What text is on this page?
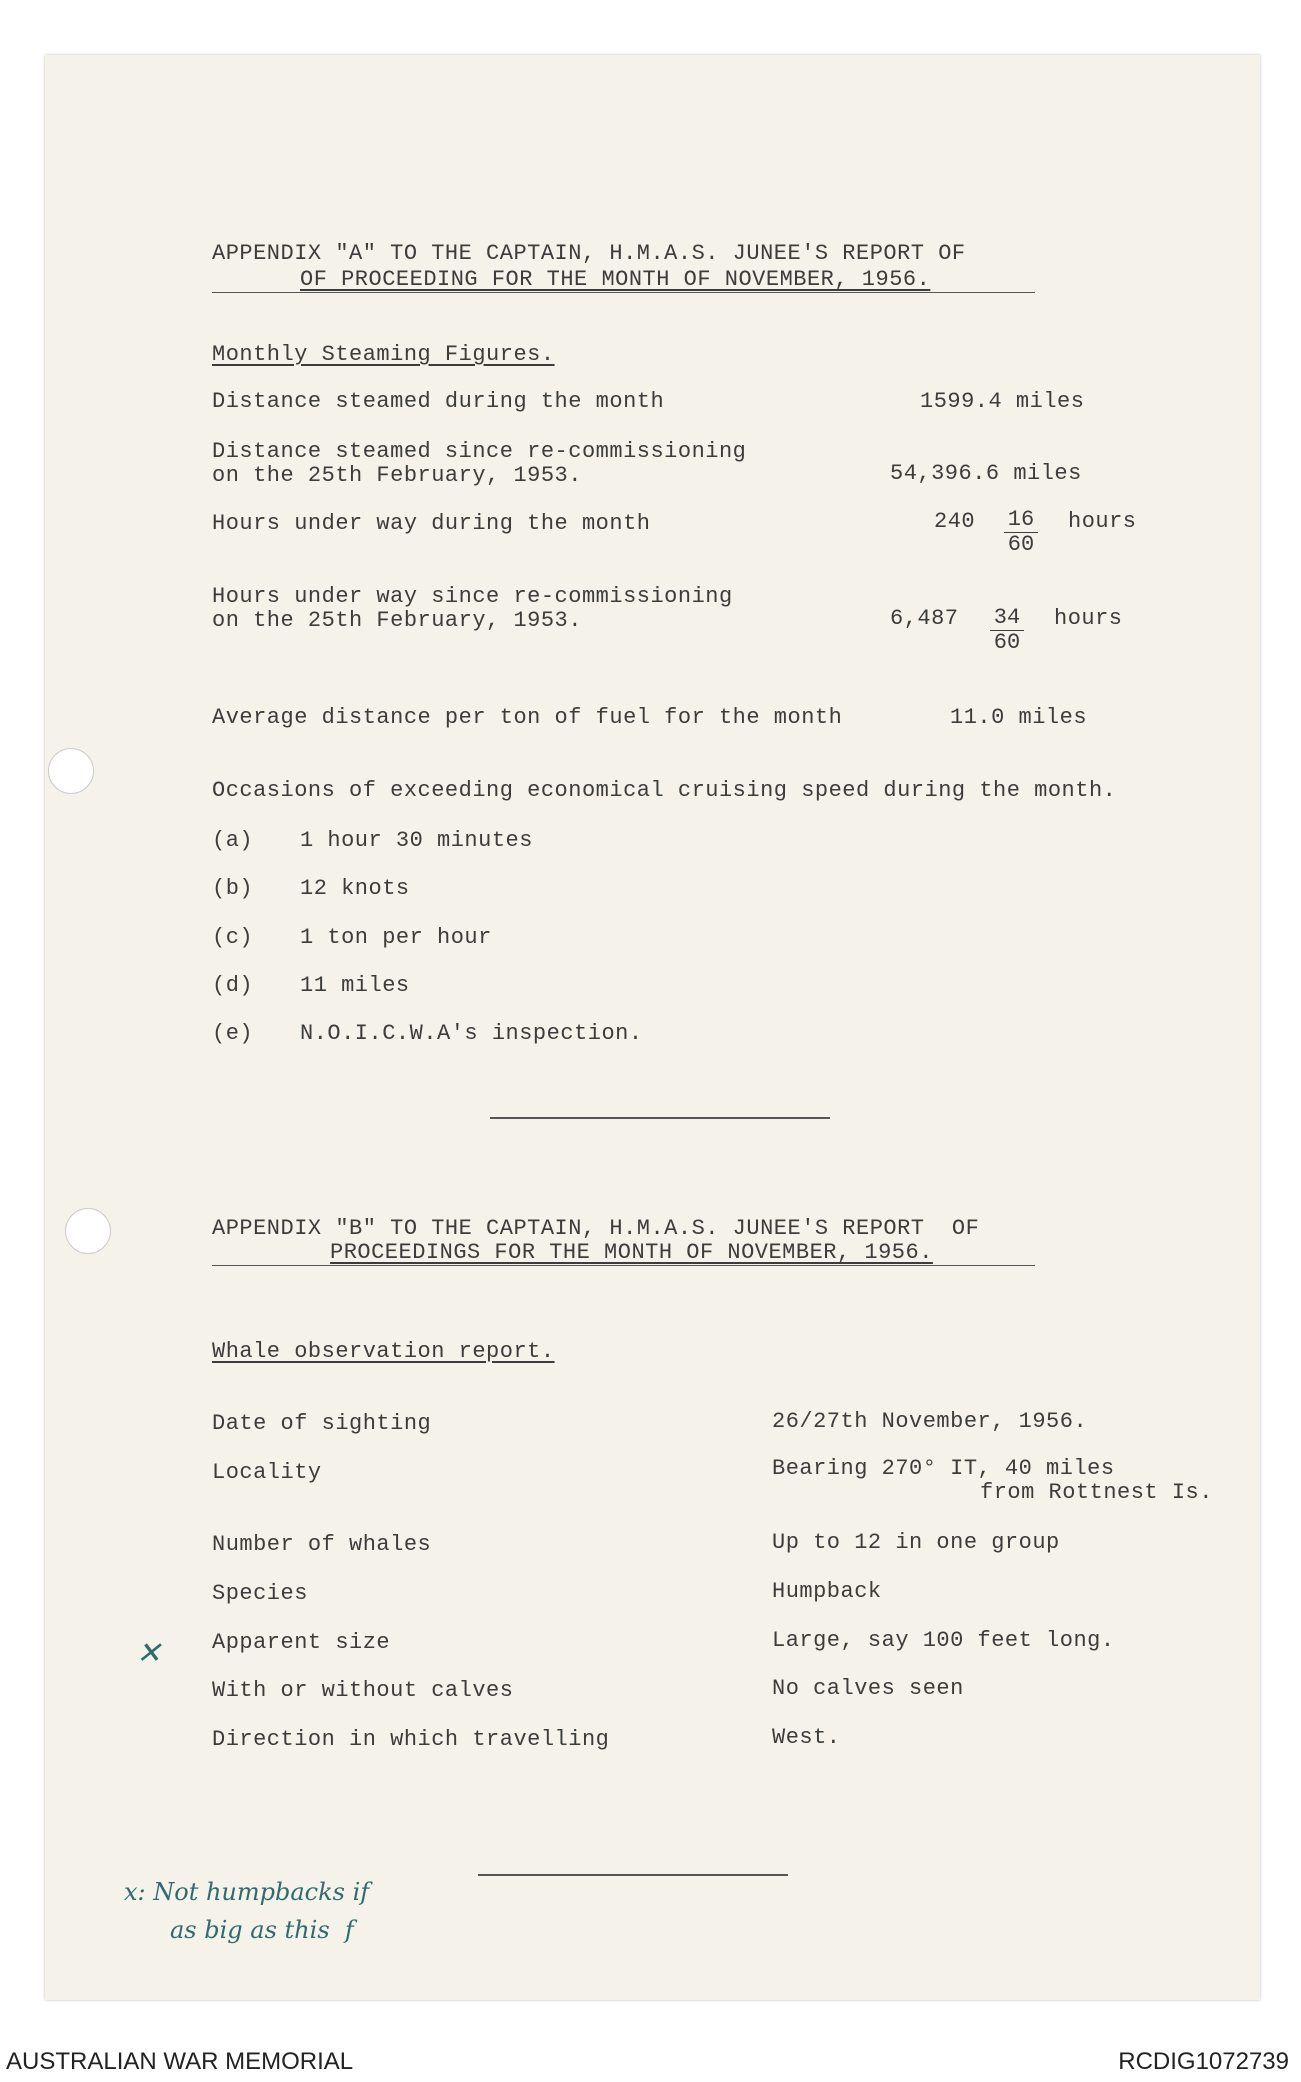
APPENDIX "A" TO THE CAPTAIN, H.M.A.S. JUNEE'S REPORT OF
OF PROCEEDING FOR THE MONTH OF NOVEMBER, 1956.
Monthly Steaming Figures.
Distance steamed during the month	1599.4 miles
Distance steamed since re-commissioning
on the 25th February, 1953.	54,396.6 miles
Hours under way during the month	$240 \frac{16}{60}$ hours
Hours under way since re-commissioning
on the 25th February, 1953.	$6,487 \frac{34}{60}$ hours
Average distance per ton of fuel for the month	11.0 miles
Occasions of exceeding economical cruising speed during the month.
(a) 1 hour 30 minutes
(b) 12 knots
(c) 1 ton per hour
(d) 11 miles
(e) N.O.I.C.W.A's inspection.
APPENDIX "B" TO THE CAPTAIN, H.M.A.S. JUNEE'S REPORT  OF
PROCEEDINGS FOR THE MONTH OF NOVEMBER, 1956.
Whale observation report.
Date of sighting	26/27th November, 1956.
Locality	Bearing 270° IT, 40 miles
from Rottnest Is.
Number of whales	Up to 12 in one group
Species	Humpback
Apparent size	Large, say 100 feet long.
With or without calves	No calves seen
Direction in which travelling	West.
✕
x: Not humpbacks if
as big as this  f
AUSTRALIAN WAR MEMORIAL	RCDIG1072739
